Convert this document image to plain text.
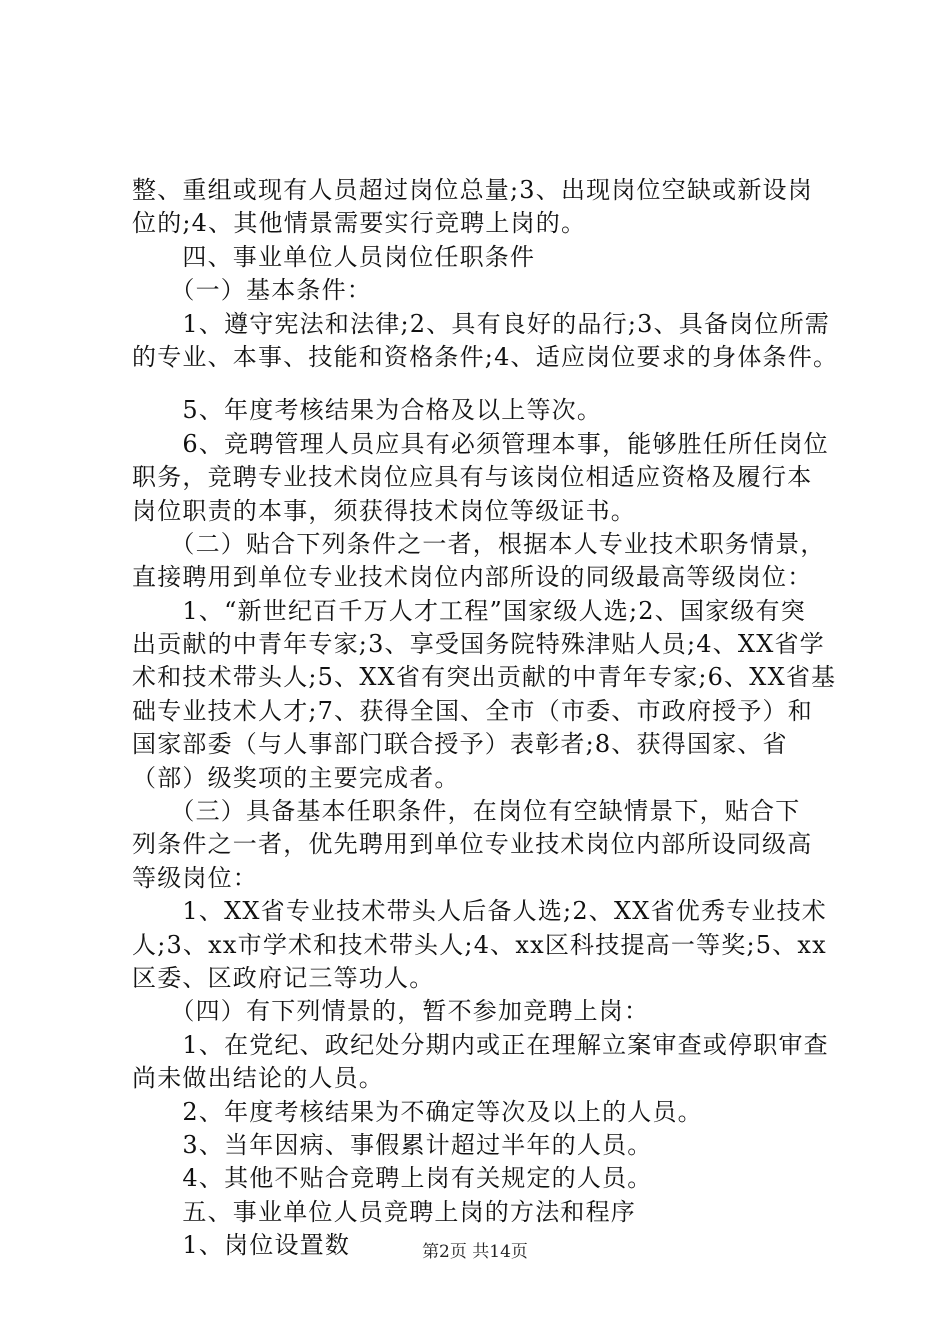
整、重组或现有人员超过岗位总量;3、出现岗位空缺或新设岗
位的;4、其他情景需要实行竞聘上岗的。
　　四、事业单位人员岗位任职条件
　　（一）基本条件：
　　1、遵守宪法和法律;2、具有良好的品行;3、具备岗位所需
的专业、本事、技能和资格条件;4、适应岗位要求的身体条件。
　　5、年度考核结果为合格及以上等次。
　　6、竞聘管理人员应具有必须管理本事，能够胜任所任岗位
职务，竞聘专业技术岗位应具有与该岗位相适应资格及履行本
岗位职责的本事，须获得技术岗位等级证书。
　　（二）贴合下列条件之一者，根据本人专业技术职务情景，
直接聘用到单位专业技术岗位内部所设的同级最高等级岗位：
　　1、“新世纪百千万人才工程”国家级人选;2、国家级有突
出贡献的中青年专家;3、享受国务院特殊津贴人员;4、XX省学
术和技术带头人;5、XX省有突出贡献的中青年专家;6、XX省基
础专业技术人才;7、获得全国、全市（市委、市政府授予）和
国家部委（与人事部门联合授予）表彰者;8、获得国家、省
（部）级奖项的主要完成者。
　　（三）具备基本任职条件，在岗位有空缺情景下，贴合下
列条件之一者，优先聘用到单位专业技术岗位内部所设同级高
等级岗位：
　　1、XX省专业技术带头人后备人选;2、XX省优秀专业技术
人;3、xx市学术和技术带头人;4、xx区科技提高一等奖;5、xx
区委、区政府记三等功人。
　　（四）有下列情景的，暂不参加竞聘上岗：
　　1、在党纪、政纪处分期内或正在理解立案审查或停职审查
尚未做出结论的人员。
　　2、年度考核结果为不确定等次及以上的人员。
　　3、当年因病、事假累计超过半年的人员。
　　4、其他不贴合竞聘上岗有关规定的人员。
　　五、事业单位人员竞聘上岗的方法和程序
　　1、岗位设置数	第2页 共14页
